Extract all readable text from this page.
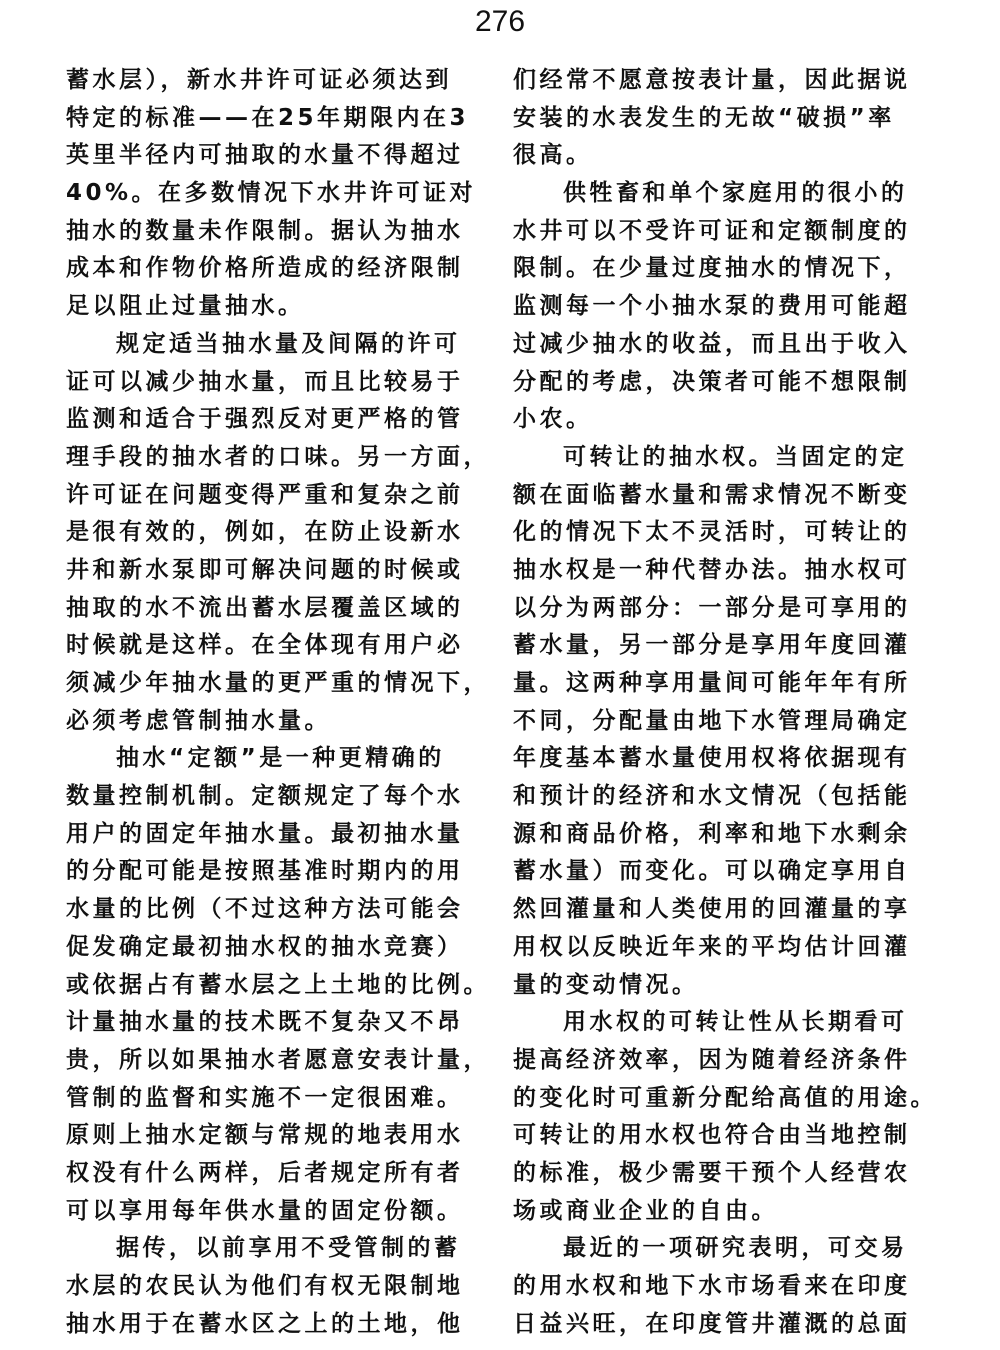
276
蓄水层），新水井许可证必须达到
特定的标准——在25年期限内在3
英里半径内可抽取的水量不得超过
40%。在多数情况下水井许可证对
抽水的数量未作限制。据认为抽水
成本和作物价格所造成的经济限制
足以阻止过量抽水。
规定适当抽水量及间隔的许可
证可以减少抽水量，而且比较易于
监测和适合于强烈反对更严格的管
理手段的抽水者的口味。另一方面，
许可证在问题变得严重和复杂之前
是很有效的，例如，在防止设新水
井和新水泵即可解决问题的时候或
抽取的水不流出蓄水层覆盖区域的
时候就是这样。在全体现有用户必
须减少年抽水量的更严重的情况下，
必须考虑管制抽水量。
抽水“定额”是一种更精确的
数量控制机制。定额规定了每个水
用户的固定年抽水量。最初抽水量
的分配可能是按照基准时期内的用
水量的比例（不过这种方法可能会
促发确定最初抽水权的抽水竞赛）
或依据占有蓄水层之上土地的比例。
计量抽水量的技术既不复杂又不昂
贵，所以如果抽水者愿意安表计量，
管制的监督和实施不一定很困难。
原则上抽水定额与常规的地表用水
权没有什么两样，后者规定所有者
可以享用每年供水量的固定份额。
据传，以前享用不受管制的蓄
水层的农民认为他们有权无限制地
抽水用于在蓄水区之上的土地，他
们经常不愿意按表计量，因此据说
安装的水表发生的无故“破损”率
很高。
供牲畜和单个家庭用的很小的
水井可以不受许可证和定额制度的
限制。在少量过度抽水的情况下，
监测每一个小抽水泵的费用可能超
过减少抽水的收益，而且出于收入
分配的考虑，决策者可能不想限制
小农。
可转让的抽水权。当固定的定
额在面临蓄水量和需求情况不断变
化的情况下太不灵活时，可转让的
抽水权是一种代替办法。抽水权可
以分为两部分：一部分是可享用的
蓄水量，另一部分是享用年度回灌
量。这两种享用量间可能年年有所
不同，分配量由地下水管理局确定
年度基本蓄水量使用权将依据现有
和预计的经济和水文情况（包括能
源和商品价格，利率和地下水剩余
蓄水量）而变化。可以确定享用自
然回灌量和人类使用的回灌量的享
用权以反映近年来的平均估计回灌
量的变动情况。
用水权的可转让性从长期看可
提高经济效率，因为随着经济条件
的变化时可重新分配给高值的用途。
可转让的用水权也符合由当地控制
的标准，极少需要干预个人经营农
场或商业企业的自由。
最近的一项研究表明，可交易
的用水权和地下水市场看来在印度
日益兴旺，在印度管井灌溉的总面
